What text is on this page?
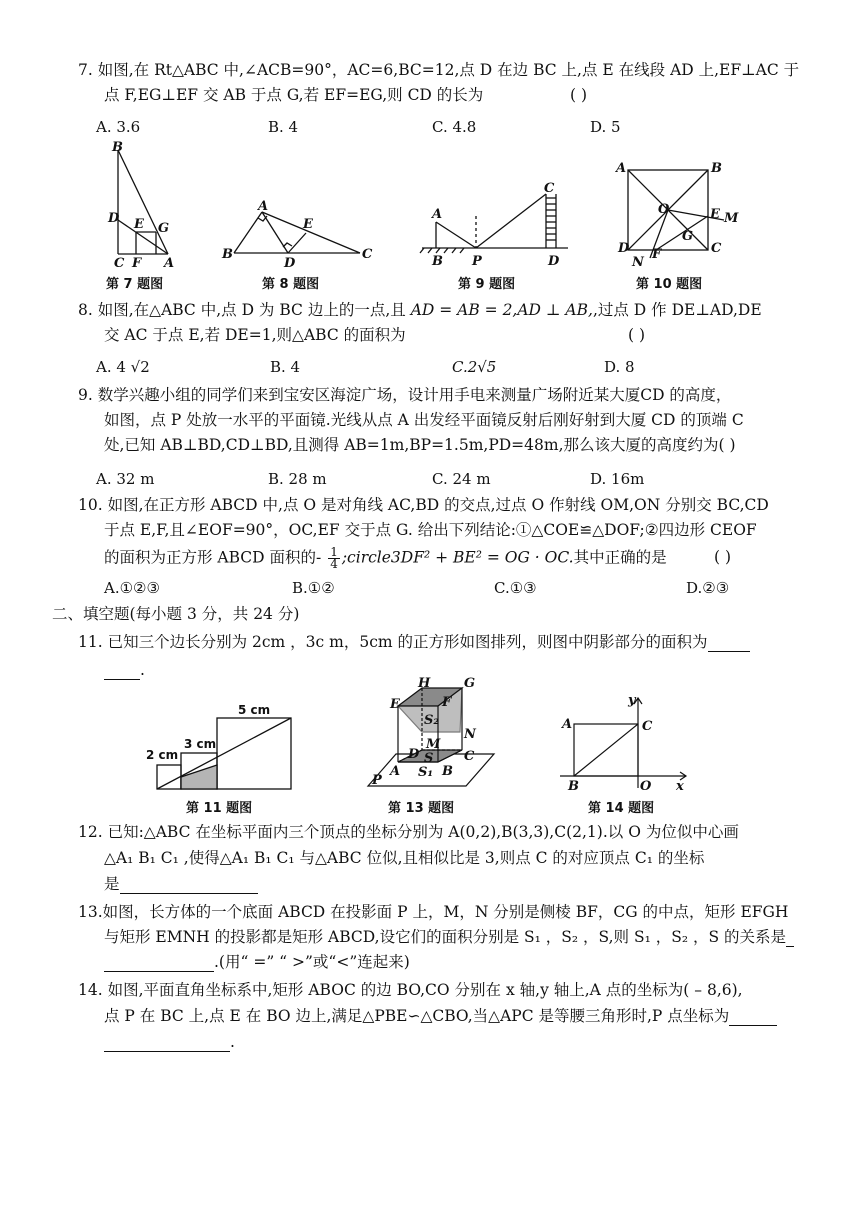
7. 如图,在 Rt△ABC 中,∠ACB=90°，AC=6,BC=12,点 D 在边 BC 上,点 E 在线段 AD 上,EF⊥AC 于
点 F,EG⊥EF 交 AB 于点 G,若 EF=EG,则 CD 的长为	( )
A. 3.6	B. 4	C. 4.8	D. 5
B
D E G
C F A
第 7 题图
A
E
B
D
C
第 8 题图
A
C
B P	D
第 9 题图
A	B
O	E M
G
D	C
N
F
第 10 题图
8. 如图,在△ABC 中,点 D 为 BC 边上的一点,且 AD = AB = 2,AD ⊥ AB,,过点 D 作 DE⊥AD,DE
交 AC 于点 E,若 DE=1,则△ABC 的面积为	( )
A. 4 √2	B. 4	C.2√5	D. 8
9. 数学兴趣小组的同学们来到宝安区海淀广场，设计用手电来测量广场附近某大厦CD 的高度，
如图，点 P 处放一水平的平面镜.光线从点 A 出发经平面镜反射后刚好射到大厦 CD 的顶端 C
处,已知 AB⊥BD,CD⊥BD,且测得 AB=1m,BP=1.5m,PD=48m,那么该大厦的高度约为( )
A. 32 m	B. 28 m	C. 24 m	D. 16m
10. 如图,在正方形 ABCD 中,点 O 是对角线 AC,BD 的交点,过点 O 作射线 OM,ON 分别交 BC,CD
于点 E,F,且∠EOF=90°，OC,EF 交于点 G. 给出下列结论:①△COE≌△DOF;②四边形 CEOF
的面积为正方形 ABCD 面积的- $\frac{1}{4}$ ;circle3DF² + BE² = OG · OC.其中正确的是	( )
A.①②③	B.①②	C.①③	D.②③
二、填空题(每小题 3 分，共 24 分)
11. 已知三个边长分别为 2cm ，3c m，5cm 的正方形如图排列，则图中阴影部分的面积为
.
5 cm
3 cm
2 cm
第 11 题图
H	G
E
S₂
F
N
M
D S C
P
A S₁ B
第 13 题图
y
A	C
B	O x
第 14 题图
12. 已知:△ABC 在坐标平面内三个顶点的坐标分别为 A(0,2),B(3,3),C(2,1).以 O 为位似中心画
△A₁ B₁ C₁ ,使得△A₁ B₁ C₁ 与△ABC 位似,且相似比是 3,则点 C 的对应顶点 C₁ 的坐标
是
13.如图，长方体的一个底面 ABCD 在投影面 P 上，M，N 分别是侧棱 BF，CG 的中点，矩形 EFGH
与矩形 EMNH 的投影都是矩形 ABCD,设它们的面积分别是 S₁ ，S₂ ，S,则 S₁ ，S₂ ，S 的关系是
.(用“ =” “ >”或“<”连起来)
14. 如图,平面直角坐标系中,矩形 ABOC 的边 BO,CO 分别在 x 轴,y 轴上,A 点的坐标为( – 8,6),
点 P 在 BC 上,点 E 在 BO 边上,满足△PBE∽△CBO,当△APC 是等腰三角形时,P 点坐标为
.
